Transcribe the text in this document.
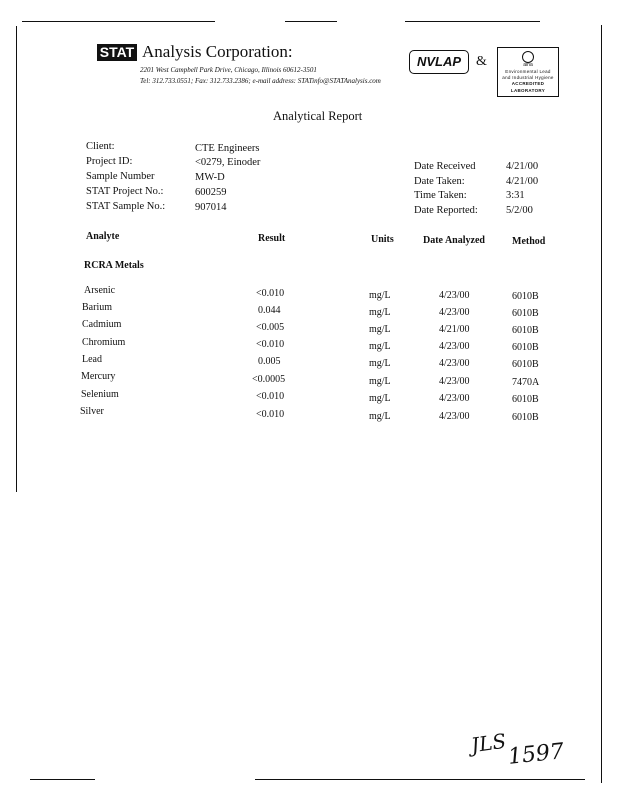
STAT Analysis Corporation:
2201 West Campbell Park Drive, Chicago, Illinois 60612-3501
Tel: 312.733.0551; Fax: 312.733.2386; e-mail address: STATinfo@STATAnalysis.com
NVLAP	&	aiha
Environmental Lead
and Industrial Hygiene
ACCREDITED
LABORATORY
Analytical Report
Client:	CTE Engineers
Project ID:	<0279, Einoder
Sample Number	MW-D
STAT Project No.:	600259
STAT Sample No.:	907014
Date Received	4/21/00
Date Taken:	4/21/00
Time Taken:	3:31
Date Reported:	5/2/00
Analyte	Result	Units	Date Analyzed	Method
RCRA Metals
Arsenic	<0.010	mg/L	4/23/00	6010B
Barium	0.044	mg/L	4/23/00	6010B
Cadmium	<0.005	mg/L	4/21/00	6010B
Chromium	<0.010	mg/L	4/23/00	6010B
Lead	0.005	mg/L	4/23/00	6010B
Mercury	<0.0005	mg/L	4/23/00	7470A
Selenium	<0.010	mg/L	4/23/00	6010B
Silver	<0.010	mg/L	4/23/00	6010B
JLS 1597
